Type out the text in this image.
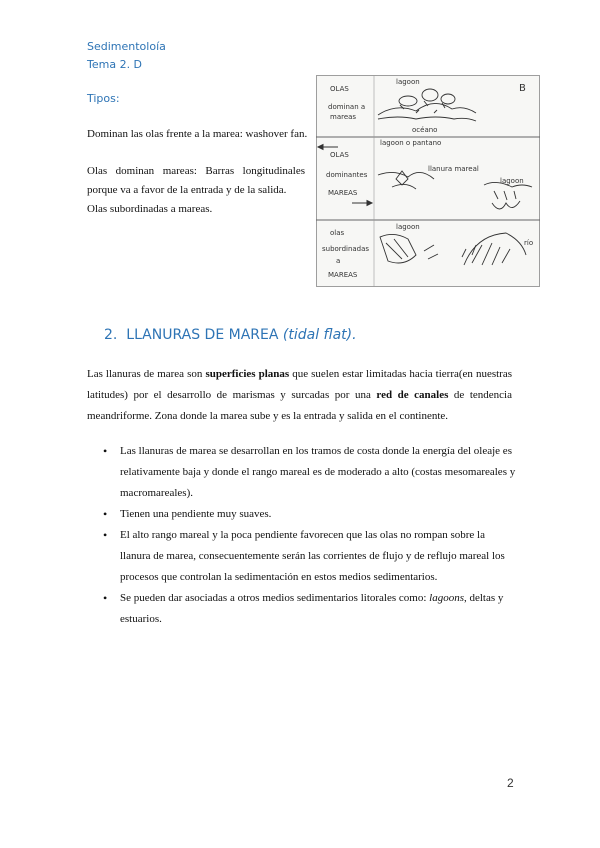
Sedimentoloía
Tema 2. D
Tipos:
Dominan las olas frente a la marea: washover fan.
Olas dominan mareas: Barras longitudinales
porque va a favor de la entrada y de la salida.
Olas subordinadas a mareas.
OLAS
dominan a
mareas
lagoon
océano
B
OLAS
dominantes
MAREAS
lagoon o pantano
llanura mareal
lagoon
olas
subordinadas
a
MAREAS
lagoon
río
2. LLANURAS DE MAREA (tidal flat).
Las llanuras de marea son superficies planas que suelen estar limitadas hacia tierra(en nuestras latitudes) por el desarrollo de marismas y surcadas por una red de canales de tendencia meandriforme. Zona donde la marea sube y es la entrada y salida en el continente.
• Las llanuras de marea se desarrollan en los tramos de costa donde la energía del oleaje es relativamente baja y donde el rango mareal es de moderado a alto (costas mesomareales y macromareales).
• Tienen una pendiente muy suaves.
• El alto rango mareal y la poca pendiente favorecen que las olas no rompan sobre la llanura de marea, consecuentemente serán las corrientes de flujo y de reflujo mareal los procesos que controlan la sedimentación en estos medios sedimentarios.
• Se pueden dar asociadas a otros medios sedimentarios litorales como: lagoons, deltas y estuarios.
2
